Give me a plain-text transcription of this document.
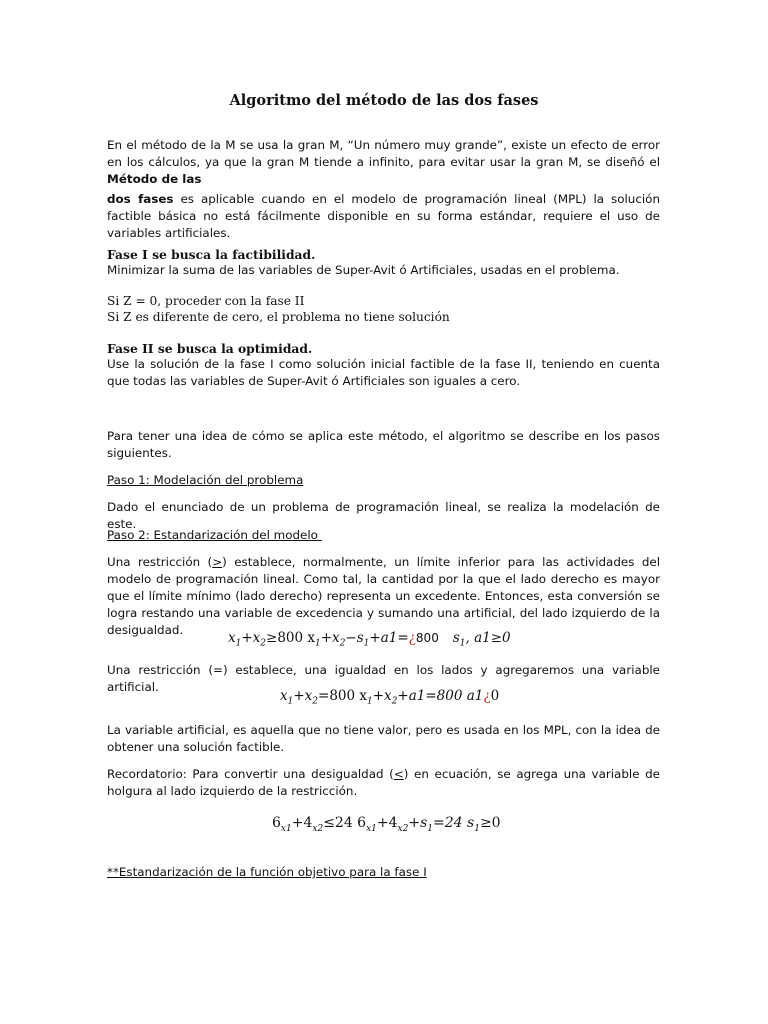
Algoritmo del método de las dos fases
En el método de la M se usa la gran M, “Un número muy grande”, existe un efecto de error en los cálculos, ya que la gran M tiende a infinito, para evitar usar la gran M, se diseñó el Método de las
dos fases es aplicable cuando en el modelo de programación lineal (MPL) la solución factible básica no está fácilmente disponible en su forma estándar, requiere el uso de variables artificiales.
Fase I se busca la factibilidad.
Minimizar la suma de las variables de Super-Avit ó Artificiales, usadas en el problema.
Si Z = 0, proceder con la fase II
Si Z es diferente de cero, el problema no tiene solución
Fase II se busca la optimidad.
Use la solución de la fase I como solución inicial factible de la fase II, teniendo en cuenta que todas las variables de Super-Avit ó Artificiales son iguales a cero.
Para tener una idea de cómo se aplica este método, el algoritmo se describe en los pasos siguientes.
Paso 1: Modelación del problema
Dado el enunciado de un problema de programación lineal, se realiza la modelación de este.
Paso 2: Estandarización del modelo
Una restricción (>) establece, normalmente, un límite inferior para las actividades del modelo de programación lineal. Como tal, la cantidad por la que el lado derecho es mayor que el límite mínimo (lado derecho) representa un excedente. Entonces, esta conversión se logra restando una variable de excedencia y sumando una artificial, del lado izquierdo de la desigualdad.
$x_1+x_2\ge 800$ $x_1+x_2-s_1+a1=¿800$ $s_1$, a1≥0
Una restricción (=) establece, una igualdad en los lados y agregaremos una variable artificial.
$x_1+x_2=800$ $x_1+x_2+a1=800$ a1¿0
La variable artificial, es aquella que no tiene valor, pero es usada en los MPL, con la idea de obtener una solución factible.
Recordatorio: Para convertir una desigualdad (<) en ecuación, se agrega una variable de holgura al lado izquierdo de la restricción.
$6_{x1}+4_{x2}\le 24$ $6_{x1}+4_{x2}+s_1=24$ $s_1\ge 0$
**Estandarización de la función objetivo para la fase I
